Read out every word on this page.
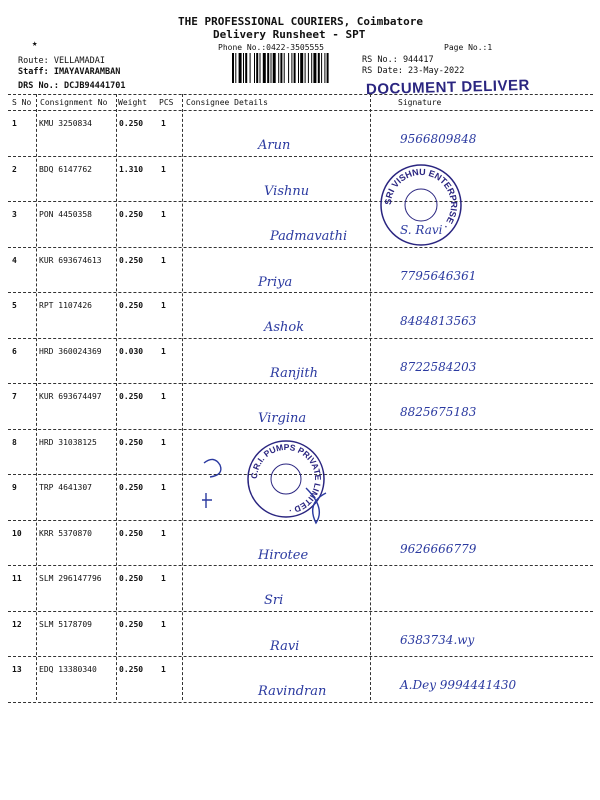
THE PROFESSIONAL COURIERS, Coimbatore
Delivery Runsheet - SPT
Phone No.:0422-3505555	Page No.:1
Route: VELLAMADAI
Staff: IMAYAVARAMBAN
DRS No.: DCJB94441701
RS No.: 944417
RS Date: 23-May-2022
★
DOCUMENT DELIVER
S No Consignment No Weight PCS Consignee Details	Signature
1	KMU 3250834	0.250 1
Arun	9566809848
2	BDQ 6147762	1.310 1
Vishnu
3	PON 4450358	0.250 1
Padmavathi	S. Ravi
4	KUR 693674613 0.250 1
Priya	7795646361
5	RPT 1107426	0.250 1
Ashok	8484813563
6	HRD 360024369 0.030 1
Ranjith	8722584203
7	KUR 693674497 0.250 1
Virgina	8825675183
8	HRD 31038125	0.250 1
9	TRP 4641307	0.250 1
10 KRR 5370870	0.250 1
Hirotee	9626666779
11 SLM 296147796 0.250 1
Sri
12 SLM 5178709	0.250 1
Ravi	6383734.wy
13 EDQ 13380340	0.250 1
Ravindran	A.Dey 9994441430
SRI VISHNU ENTERPRISE ·
C.R.I. PUMPS PRIVATE LIMITED ·
